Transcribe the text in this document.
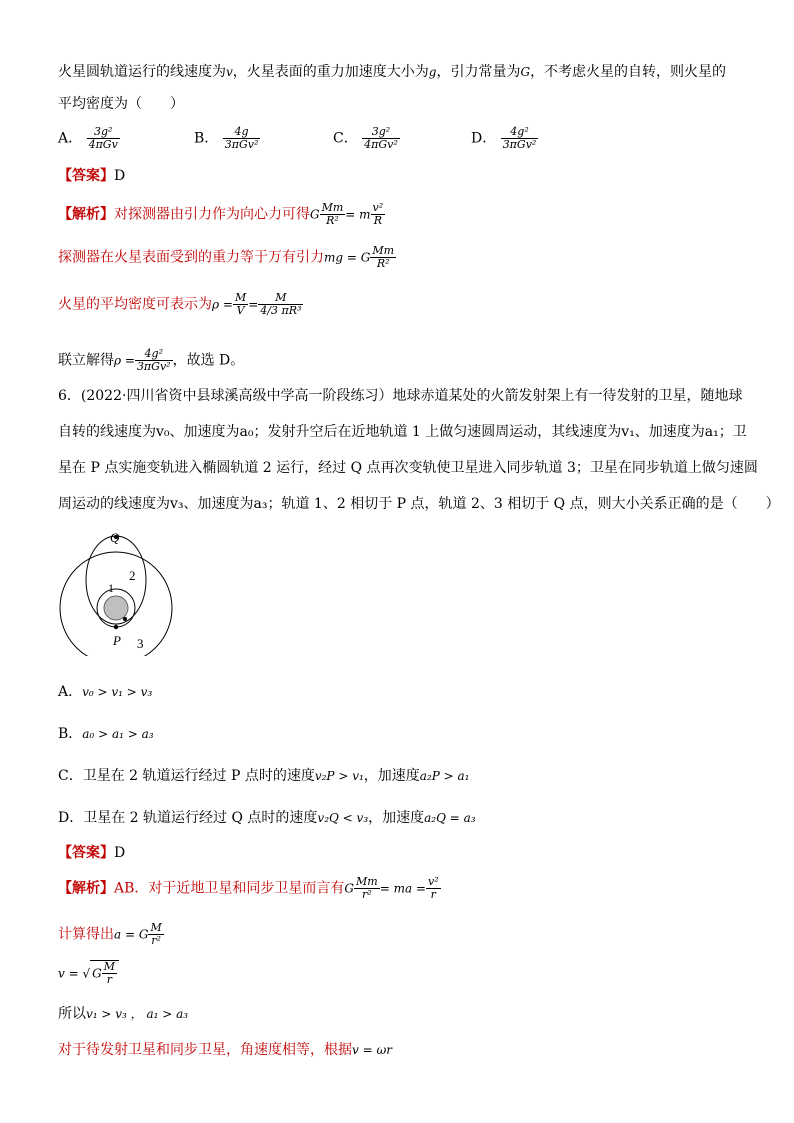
火星圆轨道运行的线速度为v，火星表面的重力加速度大小为g，引力常量为G，不考虑火星的自转，则火星的
平均密度为（　　）
A． $\frac{\text{3g²}}{\text{4πGv}}$	B． $\frac{4g}{\text{3πGv²}}$	C． $\frac{\text{3g²}}{\text{4πGv²}}$	D． $\frac{\text{4g²}}{\text{3πGv²}}$
【答案】D
【解析】对探测器由引力作为向心力可得G $\frac{Mm}{\text{R²}} = m \frac{\text{v²}}{R}$
探测器在火星表面受到的重力等于万有引力mg = G $\frac{Mm}{\text{R²}}$
火星的平均密度可表示为$\rho = \frac{M}{V} = \frac{M}{\text{4/3 πR³}}$
联立解得$\rho = \frac{\text{4g²}}{\text{3πGv²}}$ ，故选 D。
6．(2022·四川省资中县球溪高级中学高一阶段练习）地球赤道某处的火箭发射架上有一待发射的卫星，随地球
自转的线速度为v₀、加速度为a₀；发射升空后在近地轨道 1 上做匀速圆周运动，其线速度为v₁、加速度为a₁；卫
星在 P 点实施变轨进入椭圆轨道 2 运行，经过 Q 点再次变轨使卫星进入同步轨道 3；卫星在同步轨道上做匀速圆
周运动的线速度为v₃、加速度为a₃；轨道 1、2 相切于 P 点，轨道 2、3 相切于 Q 点，则大小关系正确的是（　　）
Q
P
1
2
3
A．v₀ > v₁ > v₃
B．a₀ > a₁ > a₃
C．卫星在 2 轨道运行经过 P 点时的速度v₂P > v₁，加速度a₂P > a₁
D．卫星在 2 轨道运行经过 Q 点时的速度v₂Q < v₃，加速度a₂Q = a₃
【答案】D
【解析】AB．对于近地卫星和同步卫星而言有G $\frac{Mm}{\text{r²}}$ = ma = $\frac{\text{v²}}{r}$
计算得出a = G $\frac{M}{\text{r²}}$
v = √ G $\frac{M}{r}$
所以v₁ > v₃ ， a₁ > a₃
对于待发射卫星和同步卫星，角速度相等，根据v = ωr
